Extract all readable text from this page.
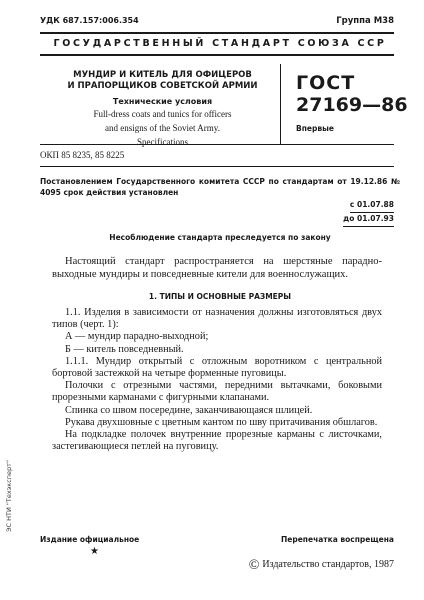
УДК 687.157:006.354	Группа М38
ГОСУДАРСТВЕННЫЙ СТАНДАРТ СОЮЗА ССР
МУНДИР И КИТЕЛЬ ДЛЯ ОФИЦЕРОВ
И ПРАПОРЩИКОВ СОВЕТСКОЙ АРМИИ
Технические условия
Full-dress coats and tunics for officers
and ensigns of the Soviet Army.
Specifications
ГОСТ
27169—86
Впервые
ОКП 85 8235, 85 8225
Постановлением Государственного комитета СССР по стандартам от 19.12.86 № 4095 срок действия установлен
с 01.07.88
до 01.07.93
Несоблюдение стандарта преследуется по закону

Настоящий стандарт распространяется на шерстяные парадно-выходные мундиры и повседневные кители для военнослужащих.

1. ТИПЫ И ОСНОВНЫЕ РАЗМЕРЫ

1.1. Изделия в зависимости от назначения должны изготовляться двух типов (черт. 1):

А — мундир парадно-выходной;

Б — китель повседневный.

1.1.1. Мундир открытый с отложным воротником с центральной бортовой застежкой на четыре форменные пуговицы.

Полочки с отрезными частями, передними вытачками, боковыми прорезными карманами с фигурными клапанами.

Спинка со швом посередине, заканчивающаяся шлицей.

Рукава двухшовные с цветным кантом по шву притачивания обшлагов.

На подкладке полочек внутренние прорезные карманы с листочками, застегивающиеся петлей на пуговицу.

Издание официальное	Перепечатка воспрещена
★
© Издательство стандартов, 1987
ЭС НТИ "Техэксперт"
